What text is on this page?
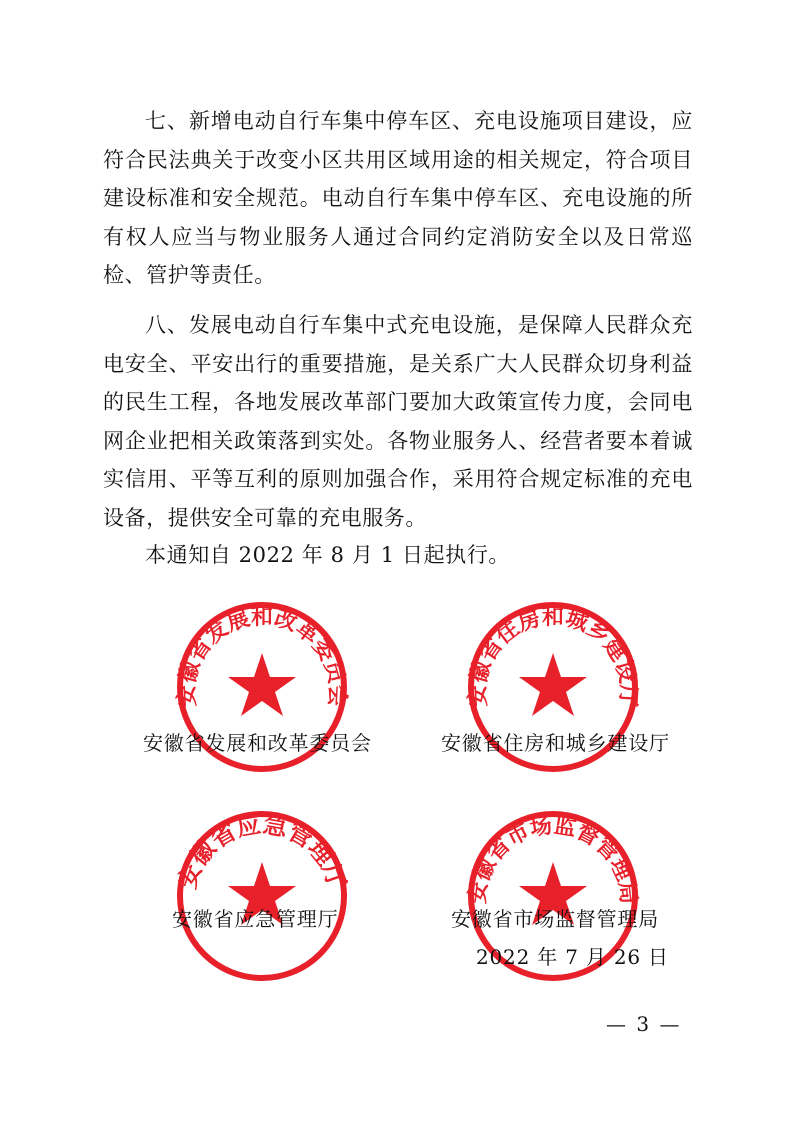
七、新增电动自行车集中停车区、充电设施项目建设，应符合民法典关于改变小区共用区域用途的相关规定，符合项目建设标准和安全规范。电动自行车集中停车区、充电设施的所有权人应当与物业服务人通过合同约定消防安全以及日常巡检、管护等责任。

八、发展电动自行车集中式充电设施，是保障人民群众充电安全、平安出行的重要措施，是关系广大人民群众切身利益的民生工程，各地发展改革部门要加大政策宣传力度，会同电网企业把相关政策落到实处。各物业服务人、经营者要本着诚实信用、平等互利的原则加强合作，采用符合规定标准的充电设备，提供安全可靠的充电服务。

本通知自 2022 年 8 月 1 日起执行。

安徽省发展和改革委员会	安徽省住房和城乡建设厅
安徽省应急管理厅
安徽省市场监督管理局

安徽省发展和改革委员会	安徽省住房和城乡建设厅

安徽省应急管理厅	安徽省市场监督管理局

2022 年 7 月 26 日

— 3 —
